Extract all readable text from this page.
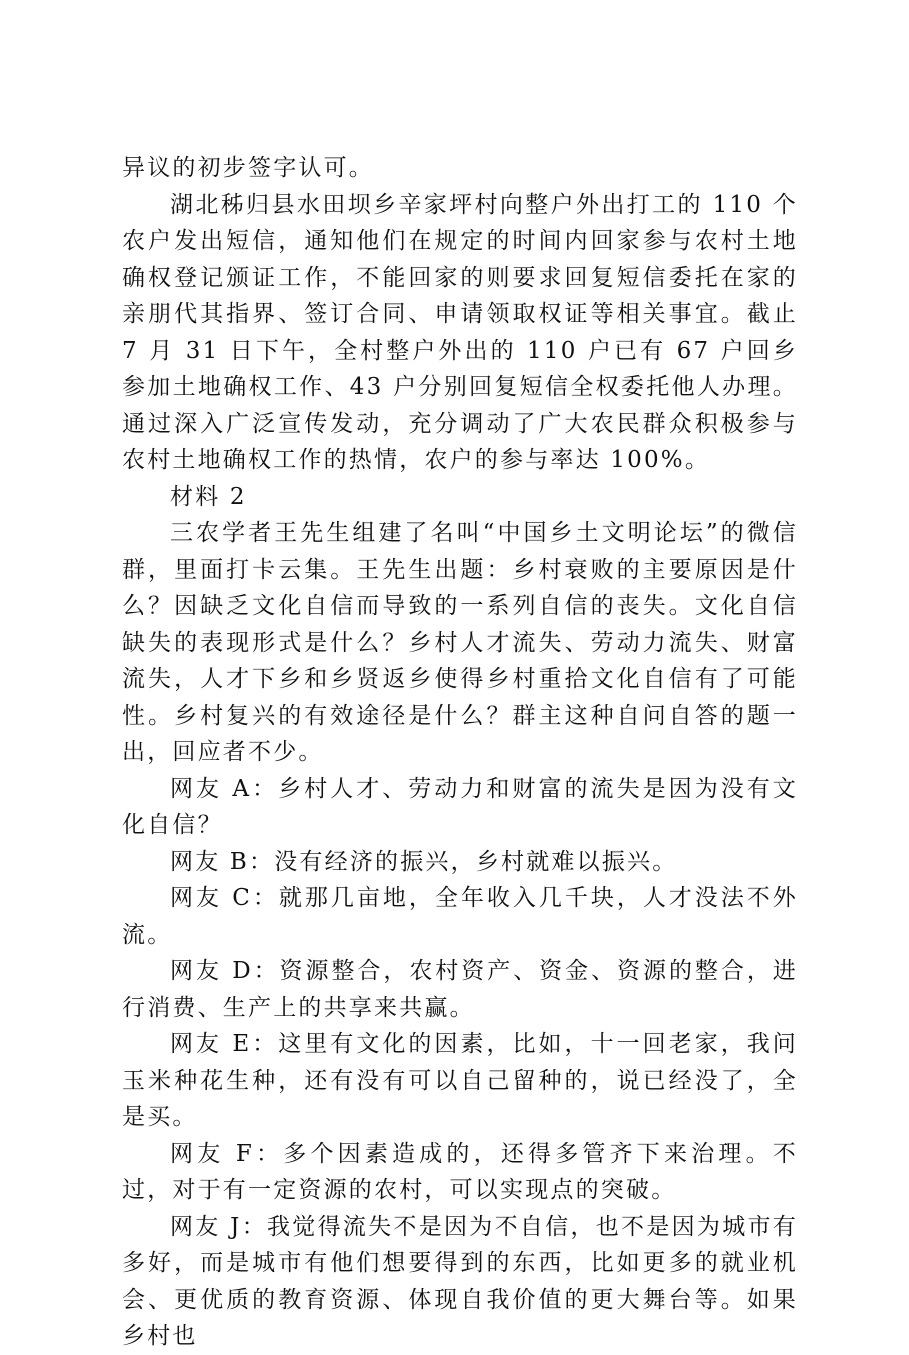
异议的初步签字认可。

湖北秭归县水田坝乡辛家坪村向整户外出打工的 110 个农户发出短信，通知他们在规定的时间内回家参与农村土地确权登记颁证工作，不能回家的则要求回复短信委托在家的亲朋代其指界、签订合同、申请领取权证等相关事宜。截止 7 月 31 日下午，全村整户外出的 110 户已有 67 户回乡参加土地确权工作、43 户分别回复短信全权委托他人办理。通过深入广泛宣传发动，充分调动了广大农民群众积极参与农村土地确权工作的热情，农户的参与率达 100%。

材料 2

三农学者王先生组建了名叫“中国乡土文明论坛”的微信群，里面打卡云集。王先生出题：乡村衰败的主要原因是什么？因缺乏文化自信而导致的一系列自信的丧失。文化自信缺失的表现形式是什么？乡村人才流失、劳动力流失、财富流失，人才下乡和乡贤返乡使得乡村重拾文化自信有了可能性。乡村复兴的有效途径是什么？群主这种自问自答的题一出，回应者不少。

网友 A：乡村人才、劳动力和财富的流失是因为没有文化自信？

网友 B：没有经济的振兴，乡村就难以振兴。

网友 C：就那几亩地，全年收入几千块，人才没法不外流。

网友 D：资源整合，农村资产、资金、资源的整合，进行消费、生产上的共享来共赢。

网友 E：这里有文化的因素，比如，十一回老家，我问玉米种花生种，还有没有可以自己留种的，说已经没了，全是买。

网友 F：多个因素造成的，还得多管齐下来治理。不过，对于有一定资源的农村，可以实现点的突破。

网友 J：我觉得流失不是因为不自信，也不是因为城市有多好，而是城市有他们想要得到的东西，比如更多的就业机会、更优质的教育资源、体现自我价值的更大舞台等。如果乡村也
